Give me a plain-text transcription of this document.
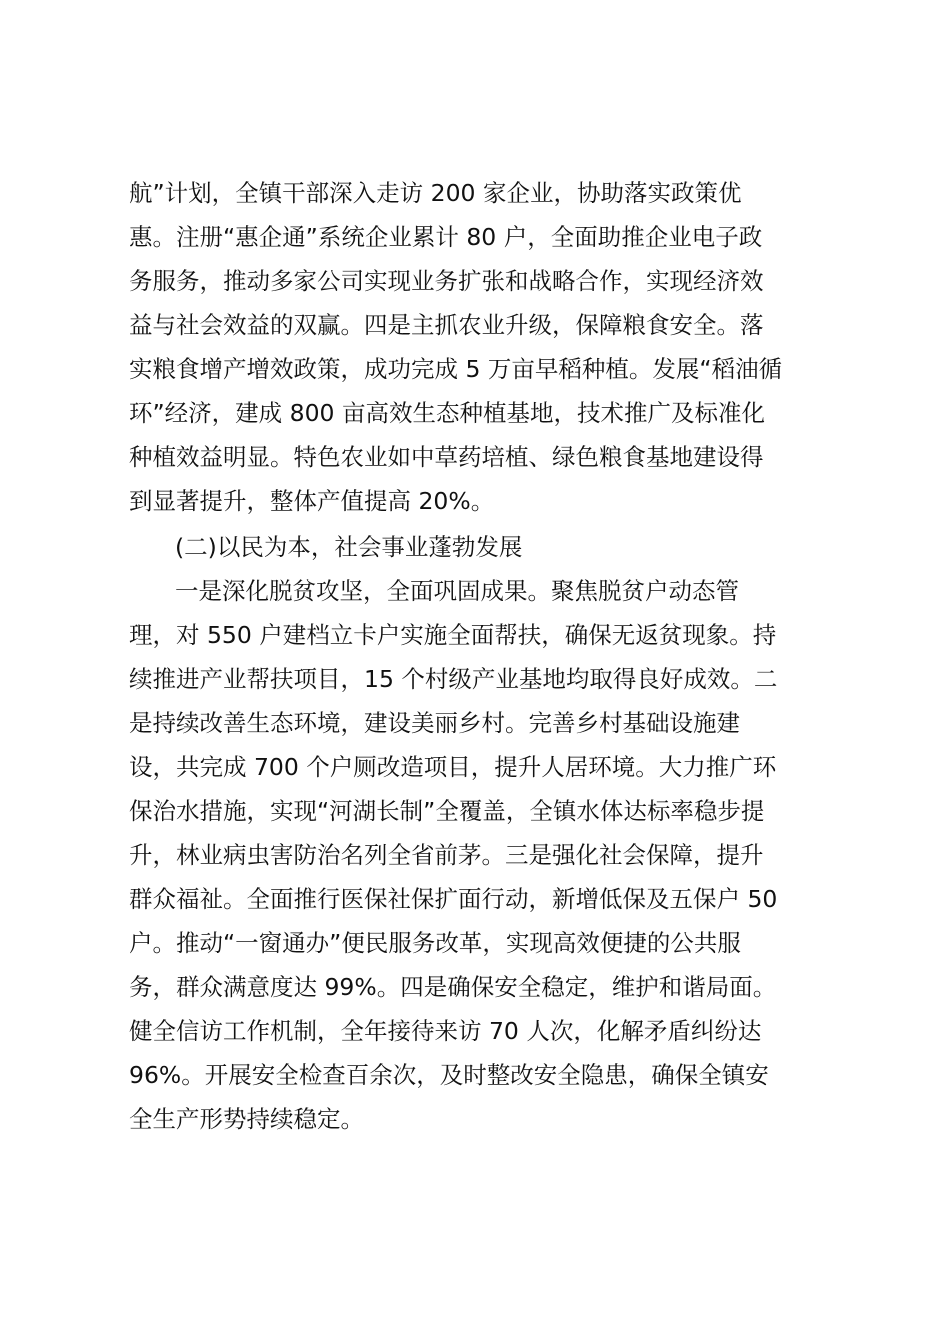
航”计划，全镇干部深入走访 200 家企业，协助落实政策优
惠。注册“惠企通”系统企业累计 80 户，全面助推企业电子政
务服务，推动多家公司实现业务扩张和战略合作，实现经济效
益与社会效益的双赢。四是主抓农业升级，保障粮食安全。落
实粮食增产增效政策，成功完成 5 万亩早稻种植。发展“稻油循
环”经济，建成 800 亩高效生态种植基地，技术推广及标准化
种植效益明显。特色农业如中草药培植、绿色粮食基地建设得
到显著提升，整体产值提高 20%。
(二)以民为本，社会事业蓬勃发展
一是深化脱贫攻坚，全面巩固成果。聚焦脱贫户动态管
理，对 550 户建档立卡户实施全面帮扶，确保无返贫现象。持
续推进产业帮扶项目，15 个村级产业基地均取得良好成效。二
是持续改善生态环境，建设美丽乡村。完善乡村基础设施建
设，共完成 700 个户厕改造项目，提升人居环境。大力推广环
保治水措施，实现“河湖长制”全覆盖，全镇水体达标率稳步提
升，林业病虫害防治名列全省前茅。三是强化社会保障，提升
群众福祉。全面推行医保社保扩面行动，新增低保及五保户 50
户。推动“一窗通办”便民服务改革，实现高效便捷的公共服
务，群众满意度达 99%。四是确保安全稳定，维护和谐局面。
健全信访工作机制，全年接待来访 70 人次，化解矛盾纠纷达
96%。开展安全检查百余次，及时整改安全隐患，确保全镇安
全生产形势持续稳定。
